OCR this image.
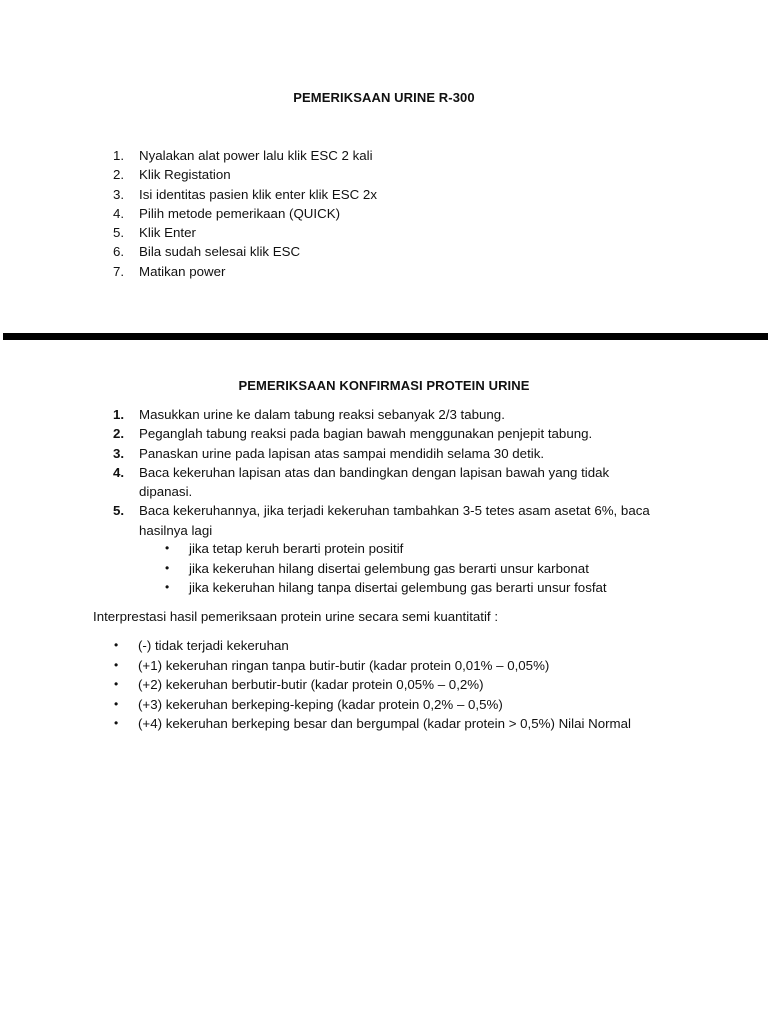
PEMERIKSAAN URINE R-300
1.	Nyalakan alat power lalu klik ESC 2 kali
2.	Klik Registation
3.	Isi identitas pasien klik enter klik ESC 2x
4.	Pilih metode pemerikaan (QUICK)
5.	Klik Enter
6.	Bila sudah selesai klik ESC
7.	Matikan power
PEMERIKSAAN KONFIRMASI PROTEIN URINE
1.	Masukkan urine ke dalam tabung reaksi sebanyak 2/3 tabung.
2.	Peganglah tabung reaksi pada bagian bawah menggunakan penjepit tabung.
3.	Panaskan urine pada lapisan atas sampai mendidih selama 30 detik.
4.	Baca kekeruhan lapisan atas dan bandingkan dengan lapisan bawah yang tidak dipanasi.
5.	Baca kekeruhannya, jika terjadi kekeruhan tambahkan 3-5 tetes asam asetat 6%, baca hasilnya lagi
•	jika tetap keruh berarti protein positif
•	jika kekeruhan hilang disertai gelembung gas berarti unsur karbonat
•	jika kekeruhan hilang tanpa disertai gelembung gas berarti unsur fosfat

Interprestasi hasil pemeriksaan protein urine secara semi kuantitatif :

•	(-) tidak terjadi kekeruhan
•	(+1) kekeruhan ringan tanpa butir-butir (kadar protein 0,01% – 0,05%)
•	(+2) kekeruhan berbutir-butir (kadar protein 0,05% – 0,2%)
•	(+3) kekeruhan berkeping-keping (kadar protein 0,2% – 0,5%)
•	(+4) kekeruhan berkeping besar dan bergumpal (kadar protein > 0,5%) Nilai Normal
